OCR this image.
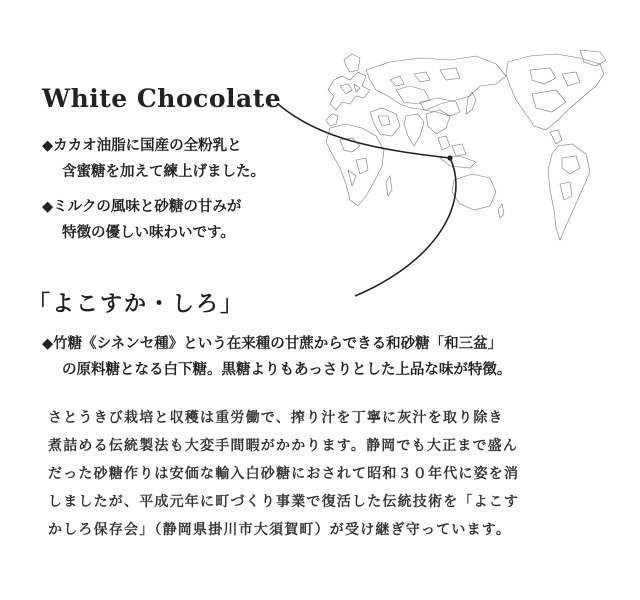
White Chocolate
◆カカオ油脂に国産の全粉乳と
含蜜糖を加えて練上げました。
◆ミルクの風味と砂糖の甘みが
特徴の優しい味わいです。
「よこすか・しろ」
◆竹糖《シネンセ種》という在来種の甘蔗からできる和砂糖「和三盆」
の原料糖となる白下糖。黒糖よりもあっさりとした上品な味が特徴。
さとうきび栽培と収穫は重労働で、搾り汁を丁寧に灰汁を取り除き
煮詰める伝統製法も大変手間暇がかかります。静岡でも大正まで盛ん
だった砂糖作りは安価な輸入白砂糖におされて昭和３０年代に姿を消
しましたが、平成元年に町づくり事業で復活した伝統技術を「よこす
かしろ保存会」（静岡県掛川市大須賀町）が受け継ぎ守っています。
